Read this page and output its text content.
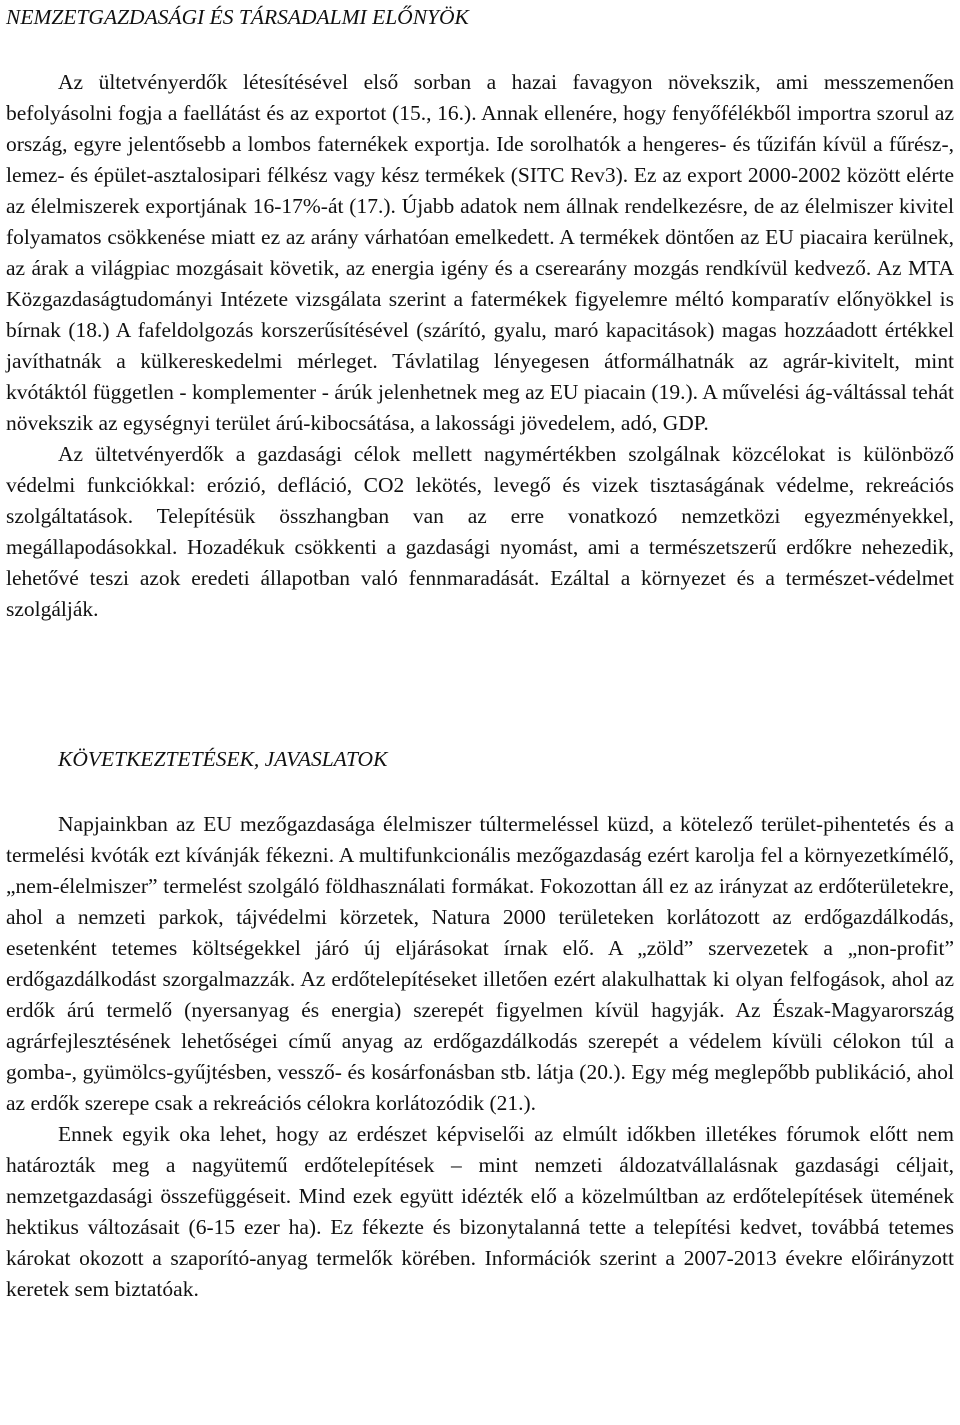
NEMZETGAZDASÁGI ÉS TÁRSADALMI ELŐNYÖK

Az ültetvényerdők létesítésével első sorban a hazai favagyon növekszik, ami messzemenően befolyásolni fogja a faellátást és az exportot (15., 16.). Annak ellenére, hogy fenyőfélékből importra szorul az ország, egyre jelentősebb a lombos faternékek exportja. Ide sorolhatók a hengeres- és tűzifán kívül a fűrész-, lemez- és épület-asztalosipari félkész vagy kész termékek (SITC Rev3). Ez az export 2000-2002 között elérte az élelmiszerek exportjának 16-17%-át (17.). Újabb adatok nem állnak rendelkezésre, de az élelmiszer kivitel folyamatos csökkenése miatt ez az arány várhatóan emelkedett. A termékek döntően az EU piacaira kerülnek, az árak a világpiac mozgásait követik, az energia igény és a cserearány mozgás rendkívül kedvező. Az MTA Közgazdaságtudományi Intézete vizsgálata szerint a fatermékek figyelemre méltó komparatív előnyökkel is bírnak (18.) A fafeldolgozás korszerűsítésével (szárító, gyalu, maró kapacitások) magas hozzáadott értékkel javíthatnák a külkereskedelmi mérleget. Távlatilag lényegesen átformálhatnák az agrár-kivitelt, mint kvótáktól független - komplementer - árúk jelenhetnek meg az EU piacain (19.). A művelési ág-váltással tehát növekszik az egységnyi terület árú-kibocsátása, a lakossági jövedelem, adó, GDP.

Az ültetvényerdők a gazdasági célok mellett nagymértékben szolgálnak közcélokat is különböző védelmi funkciókkal: erózió, defláció, CO2 lekötés, levegő és vizek tisztaságának védelme, rekreációs szolgáltatások. Telepítésük összhangban van az erre vonatkozó nemzetközi egyezményekkel, megállapodásokkal. Hozadékuk csökkenti a gazdasági nyomást, ami a természetszerű erdőkre nehezedik, lehetővé teszi azok eredeti állapotban való fennmaradását. Ezáltal a környezet és a természet-védelmet szolgálják.

KÖVETKEZTETÉSEK, JAVASLATOK

Napjainkban az EU mezőgazdasága élelmiszer túltermeléssel küzd, a kötelező terület-pihentetés és a termelési kvóták ezt kívánják fékezni. A multifunkcionális mezőgazdaság ezért karolja fel a környezetkímélő, „nem-élelmiszer” termelést szolgáló földhasználati formákat. Fokozottan áll ez az irányzat az erdőterületekre, ahol a nemzeti parkok, tájvédelmi körzetek, Natura 2000 területeken korlátozott az erdőgazdálkodás, esetenként tetemes költségekkel járó új eljárásokat írnak elő. A „zöld” szervezetek a „non-profit” erdőgazdálkodást szorgalmazzák. Az erdőtelepítéseket illetően ezért alakulhattak ki olyan felfogások, ahol az erdők árú termelő (nyersanyag és energia) szerepét figyelmen kívül hagyják. Az Észak-Magyarország agrárfejlesztésének lehetőségei című anyag az erdőgazdálkodás szerepét a védelem kívüli célokon túl a gomba-, gyümölcs-gyűjtésben, vessző- és kosárfonásban stb. látja (20.). Egy még meglepőbb publikáció, ahol az erdők szerepe csak a rekreációs célokra korlátozódik (21.).

Ennek egyik oka lehet, hogy az erdészet képviselői az elmúlt időkben illetékes fórumok előtt nem határozták meg a nagyütemű erdőtelepítések – mint nemzeti áldozatvállalásnak gazdasági céljait, nemzetgazdasági összefüggéseit. Mind ezek együtt idézték elő a közelmúltban az erdőtelepítések ütemének hektikus változásait (6-15 ezer ha). Ez fékezte és bizonytalanná tette a telepítési kedvet, továbbá tetemes károkat okozott a szaporító-anyag termelők körében. Információk szerint a 2007-2013 évekre előirányzott keretek sem biztatóak.
